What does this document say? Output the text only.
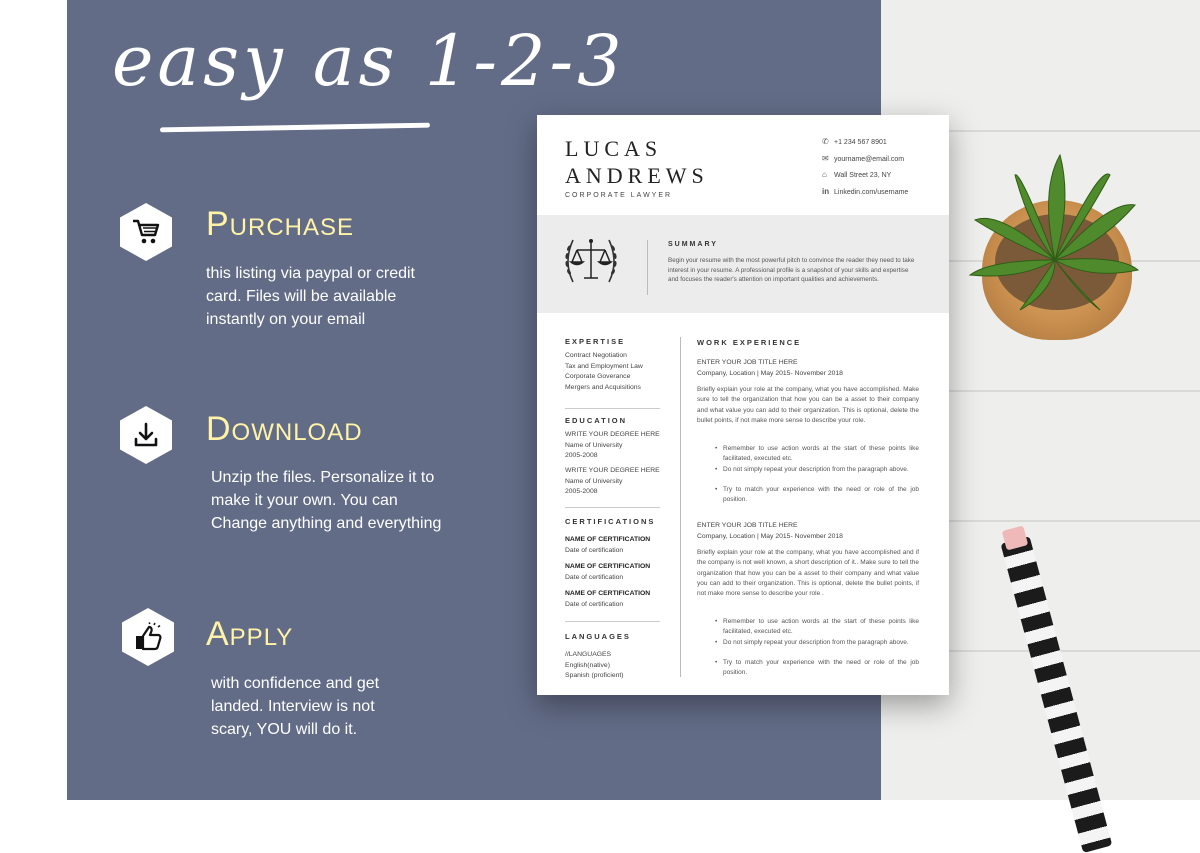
easy as 1-2-3
Purchase
this listing via paypal or credit
card. Files will be available
instantly on your email
Download
Unzip the files. Personalize it to
make it your own. You can
Change anything and everything
Apply
with confidence and get
landed. Interview is not
scary, YOU will do it.
LUCAS
ANDREWS
CORPORATE LAWYER
✆ +1 234 567 8901
✉ yourname@email.com
⌂ Wall Street 23, NY
in Linkedin.com/username
SUMMARY
Begin your resume with the most powerful pitch to convince the reader they need to take interest in your resume. A professional profile is a snapshot of your skills and expertise and focuses the reader's attention on important qualities and achievements.
EXPERTISE
Contract Negotiation
Tax and Employment Law
Corporate Goverance
Mergers and Acquisitions
EDUCATION
WRITE YOUR DEGREE HERE
Name of University
2005-2008
WRITE YOUR DEGREE HERE
Name of University
2005-2008
CERTIFICATIONS
NAME OF CERTIFICATION
Date of certification
NAME OF CERTIFICATION
Date of certification
NAME OF CERTIFICATION
Date of certification
LANGUAGES
//LANGUAGES
English(native)
Spanish (proficient)
WORK EXPERIENCE
ENTER YOUR JOB TITLE HERE
Company, Location | May 2015- November 2018
Briefly explain your role at the company, what you have accomplished. Make sure to tell the organization that how you can be a asset to their company and what value you can add to their organization. This is optional, delete the bullet points, if not make more sense to describe your role.
• Remember to use action words at the start of these points like facilitated, executed etc.
• Do not simply repeat your description from the paragraph above.
• Try to match your experience with the need or role of the job position.
ENTER YOUR JOB TITLE HERE
Company, Location | May 2015- November 2018
Briefly explain your role at the company, what you have accomplished and if the company is not well known, a short description of it.. Make sure to tell the organization that how you can be a asset to their company and what value you can add to their organization. This is optional, delete the bullet points, if not make more sense to describe your role .
• Remember to use action words at the start of these points like facilitated, executed etc.
• Do not simply repeat your description from the paragraph above.
• Try to match your experience with the need or role of the job position.
